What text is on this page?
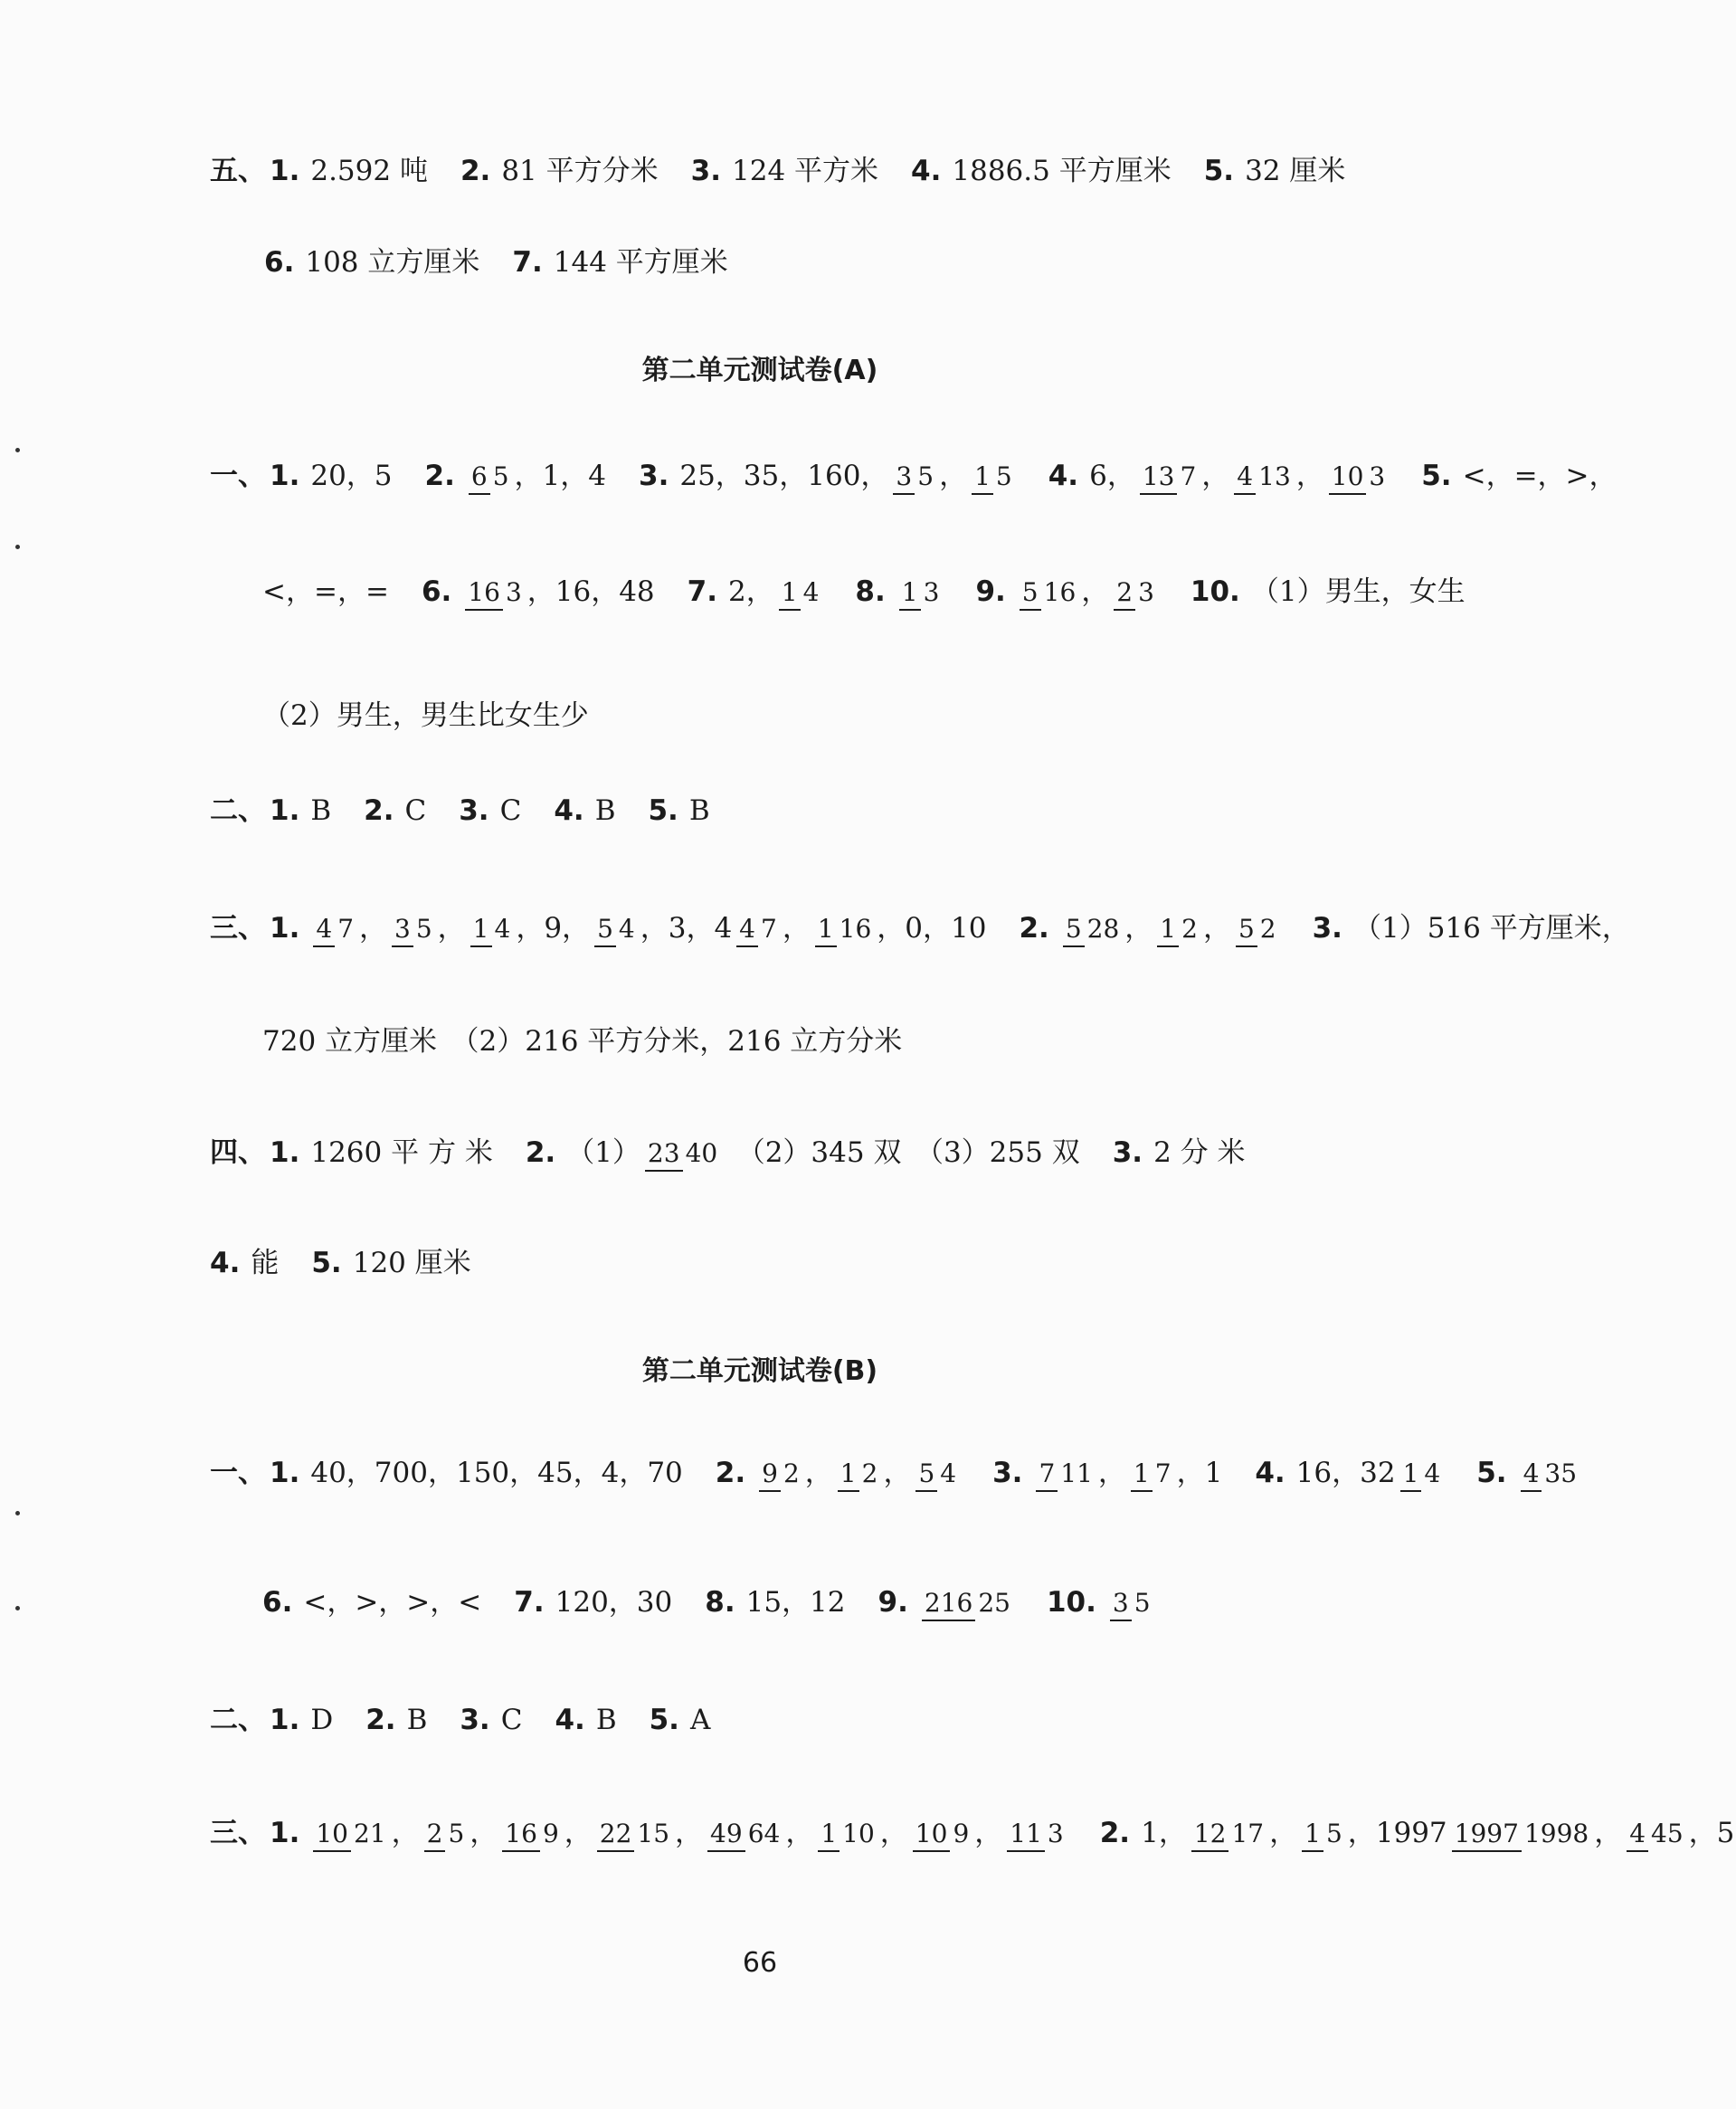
五、 1. 2.592 吨 2. 81 平方分米 3. 124 平方米 4. 1886.5 平方厘米 5. 32 厘米
6. 108 立方厘米 7. 144 平方厘米
第二单元测试卷(A)
一、 1. 20，5 2. 6 5 ，1，4 3. 25，35，160， 3 5 ， 1 5 4. 6， 13 7 ， 4 13 ， 10 3 5. <，=，>，
<，=，= 6. 16 3 ，16，48 7. 2， 1 4 8. 1 3 9. 5 16 ， 2 3 10. （1）男生，女生
（2）男生，男生比女生少
二、 1. B 2. C 3. C 4. B 5. B
三、 1. 4 7 ， 3 5 ， 1 4 ，9， 5 4 ，3，4 4 7 ， 1 16 ，0，10 2. 5 28 ， 1 2 ， 5 2 3. （1）516 平方厘米，
720 立方厘米　（2）216 平方分米，216 立方分米
四、 1. 1260 平 方 米 2. （1） 23 40　（2）345 双　（3）255 双 3. 2 分 米
4. 能 5. 120 厘米
第二单元测试卷(B)
一、 1. 40，700，150，45，4，70 2. 9 2 ， 1 2 ， 5 4 3. 7 11 ， 1 7 ，1 4. 16，32 1 4 5. 4 35
6. <，>，>，< 7. 120，30 8. 15，12 9. 216 25 10. 3 5
二、 1. D 2. B 3. C 4. B 5. A
三、 1. 10 21 ， 2 5 ， 16 9 ， 22 15 ， 49 64 ， 1 10 ， 10 9 ， 11 3 2. 1， 12 17 ， 1 5 ，1997 1997 1998 ， 4 45 ，5
66
